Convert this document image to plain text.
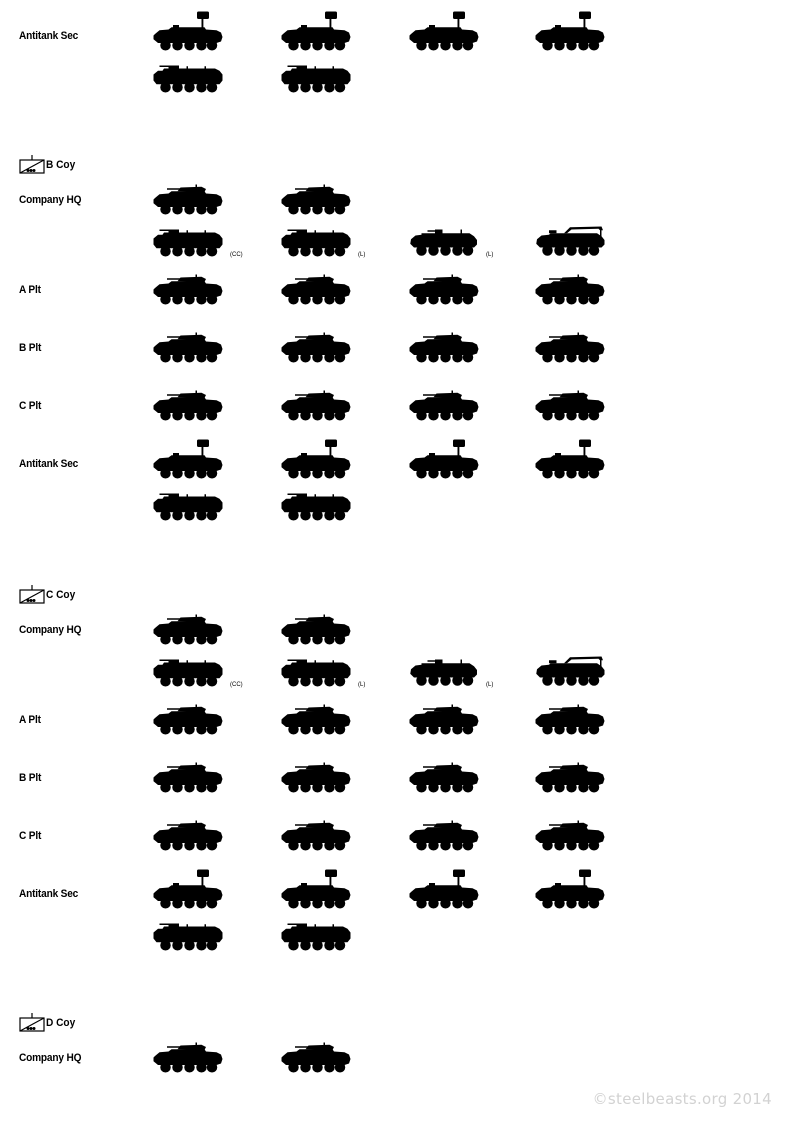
Antitank Sec
B Coy
Company HQ
(CC)	(L)	(L)
A Plt
B Plt
C Plt
Antitank Sec
C Coy
Company HQ
(CC)	(L)	(L)
A Plt
B Plt
C Plt
Antitank Sec
D Coy
Company HQ
©steelbeasts.org 2014
